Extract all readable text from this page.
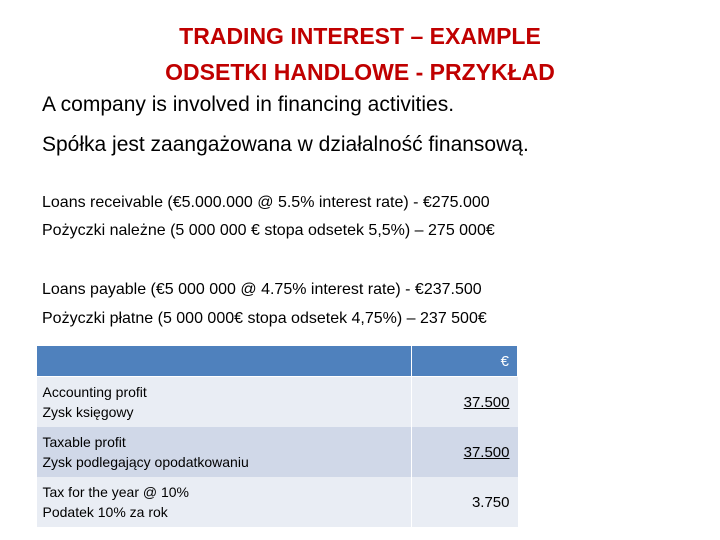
TRADING INTEREST – EXAMPLE
ODSETKI HANDLOWE - PRZYKŁAD
A company is involved in financing activities.
Spółka jest zaangażowana w działalność finansową.
Loans receivable (€5.000.000 @ 5.5% interest rate) - €275.000
Pożyczki należne (5 000 000 € stopa odsetek 5,5%) – 275 000€
Loans payable (€5 000 000 @ 4.75% interest rate) - €237.500
Pożyczki płatne (5 000 000€ stopa odsetek 4,75%) – 237 500€
	€

Accounting profit
Zysk księgowy	37.500

Taxable profit
Zysk podlegający opodatkowaniu	37.500

Tax for the year @ 10%
Podatek 10% za rok	3.750
